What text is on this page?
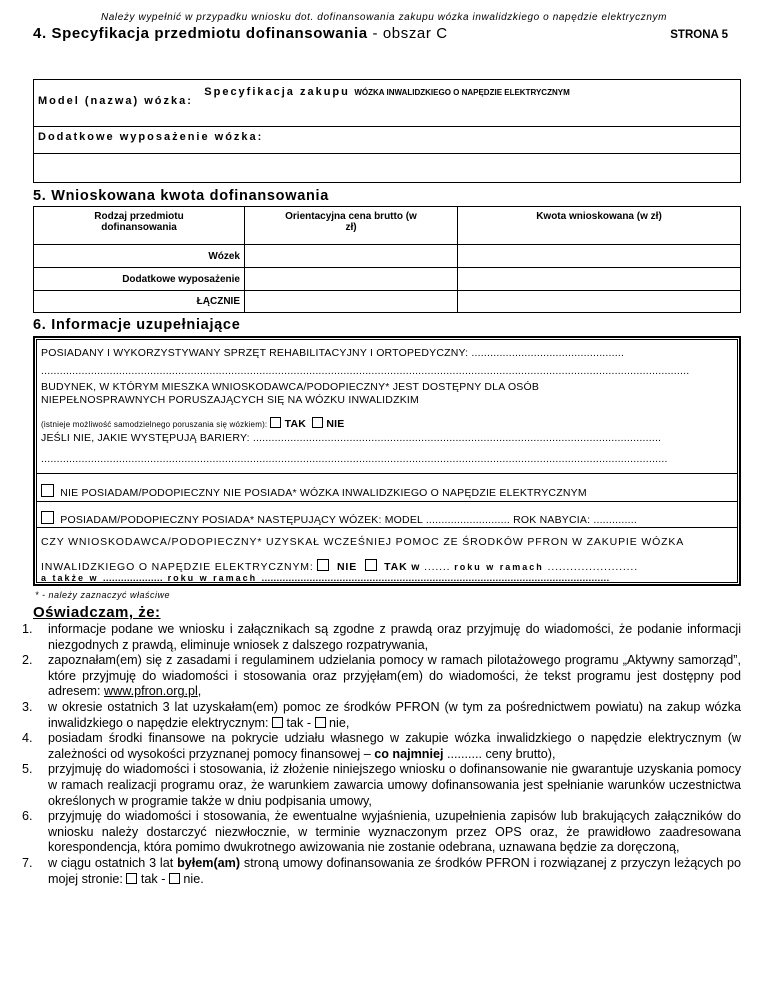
Należy wypełnić w przypadku wniosku dot. dofinansowania zakupu wózka inwalidzkiego o napędzie elektrycznym
4. Specyfikacja przedmiotu dofinansowania - obszar C	STRONA 5
Specyfikacja zakupu WÓZKA INWALIDZKIEGO O NAPĘDZIE ELEKTRYCZNYM
Model (nazwa) wózka:
Dodatkowe wyposażenie wózka:
5. Wnioskowana kwota dofinansowania
Rodzaj przedmiotu dofinansowania	Orientacyjna cena brutto (w zł)	Kwota wnioskowana (w zł)
Wózek		
Dodatkowe wyposażenie		
ŁĄCZNIE		
6. Informacje uzupełniające
POSIADANY I WYKORZYSTYWANY SPRZĘT REHABILITACYJNY I ORTOPEDYCZNY: .................................................
................................................................................................................................................................................................................
BUDYNEK, W KTÓRYM MIESZKA WNIOSKODAWCA/PODOPIECZNY* JEST DOSTĘPNY DLA OSÓB
NIEPEŁNOSPRAWNYCH PORUSZAJĄCYCH SIĘ NA WÓZKU INWALIDZKIM
(istnieje możliwość samodzielnego poruszania się wózkiem): TAK NIE
JEŚLI NIE, JAKIE WYSTĘPUJĄ BARIERY: ...................................................................................................................................
.........................................................................................................................................................................................................
NIE POSIADAM/PODOPIECZNY NIE POSIADA* WÓZKA INWALIDZKIEGO O NAPĘDZIE ELEKTRYCZNYM
POSIADAM/PODOPIECZNY POSIADA* NASTĘPUJĄCY WÓZEK: MODEL ........................... ROK NABYCIA: ..............
CZY WNIOSKODAWCA/PODOPIECZNY* UZYSKAŁ WCZEŚNIEJ POMOC ZE ŚRODKÓW PFRON W ZAKUPIE WÓZKA
INWALIDZKIEGO O NAPĘDZIE ELEKTRYCZNYM: NIE	TAK w ....... roku w ramach ........................
a także w .................... roku w ramach ....................................................................................................................
* - należy zaznaczyć właściwe
Oświadczam, że:
1. informacje podane we wniosku i załącznikach są zgodne z prawdą oraz przyjmuję do wiadomości, że podanie informacji niezgodnych z prawdą, eliminuje wniosek z dalszego rozpatrywania,
2. zapoznałam(em) się z zasadami i regulaminem udzielania pomocy w ramach pilotażowego programu „Aktywny samorząd”, które przyjmuję do wiadomości i stosowania oraz przyjęłam(em) do wiadomości, że tekst programu jest dostępny pod adresem: www.pfron.org.pl,
3. w okresie ostatnich 3 lat uzyskałam(em) pomoc ze środków PFRON (w tym za pośrednictwem powiatu) na zakup wózka inwalidzkiego o napędzie elektrycznym: tak -  nie,
4. posiadam środki finansowe na pokrycie udziału własnego w zakupie wózka inwalidzkiego o napędzie elektrycznym (w zależności od wysokości przyznanej pomocy finansowej – co najmniej .......... ceny brutto),
5. przyjmuję do wiadomości i stosowania, iż złożenie niniejszego wniosku o dofinansowanie nie gwarantuje uzyskania pomocy w ramach realizacji programu oraz, że warunkiem zawarcia umowy dofinansowania jest spełnianie warunków uczestnictwa określonych w programie także w dniu podpisania umowy,
6. przyjmuję do wiadomości i stosowania, że ewentualne wyjaśnienia, uzupełnienia zapisów lub brakujących załączników do wniosku należy dostarczyć niezwłocznie, w terminie wyznaczonym przez OPS oraz, że prawidłowo zaadresowana korespondencja, która pomimo dwukrotnego awizowania nie zostanie odebrana, uznawana będzie za doręczoną,
7. w ciągu ostatnich 3 lat byłem(am) stroną umowy dofinansowania ze środków PFRON i rozwiązanej z przyczyn leżących po mojej stronie: tak -  nie.
